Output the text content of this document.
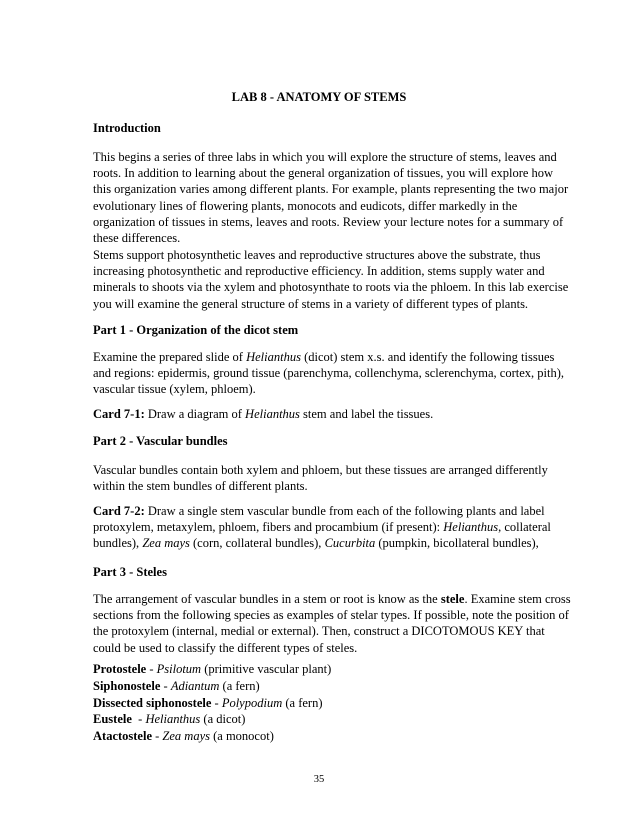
LAB 8 - ANATOMY OF STEMS
Introduction

This begins a series of three labs in which you will explore the structure of stems, leaves and roots. In addition to learning about the general organization of tissues, you will explore how this organization varies among different plants. For example, plants representing the two major evolutionary lines of flowering plants, monocots and eudicots, differ markedly in the organization of tissues in stems, leaves and roots. Review your lecture notes for a summary of these differences.

Stems support photosynthetic leaves and reproductive structures above the substrate, thus increasing photosynthetic and reproductive efficiency. In addition, stems supply water and minerals to shoots via the xylem and photosynthate to roots via the phloem. In this lab exercise you will examine the general structure of stems in a variety of different types of plants.

Part 1 - Organization of the dicot stem

Examine the prepared slide of Helianthus (dicot) stem x.s. and identify the following tissues and regions: epidermis, ground tissue (parenchyma, collenchyma, sclerenchyma, cortex, pith), vascular tissue (xylem, phloem).

Card 7-1: Draw a diagram of Helianthus stem and label the tissues.

Part 2 - Vascular bundles

Vascular bundles contain both xylem and phloem, but these tissues are arranged differently within the stem bundles of different plants.

Card 7-2: Draw a single stem vascular bundle from each of the following plants and label protoxylem, metaxylem, phloem, fibers and procambium (if present): Helianthus, collateral bundles), Zea mays (corn, collateral bundles), Cucurbita (pumpkin, bicollateral bundles),

Part 3 - Steles

The arrangement of vascular bundles in a stem or root is know as the stele. Examine stem cross sections from the following species as examples of stelar types. If possible, note the position of the protoxylem (internal, medial or external). Then, construct a DICOTOMOUS KEY that could be used to classify the different types of steles.

Protostele - Psilotum (primitive vascular plant)
Siphonostele - Adiantum (a fern)
Dissected siphonostele - Polypodium (a fern)
Eustele  - Helianthus (a dicot)
Atactostele - Zea mays (a monocot)
35
